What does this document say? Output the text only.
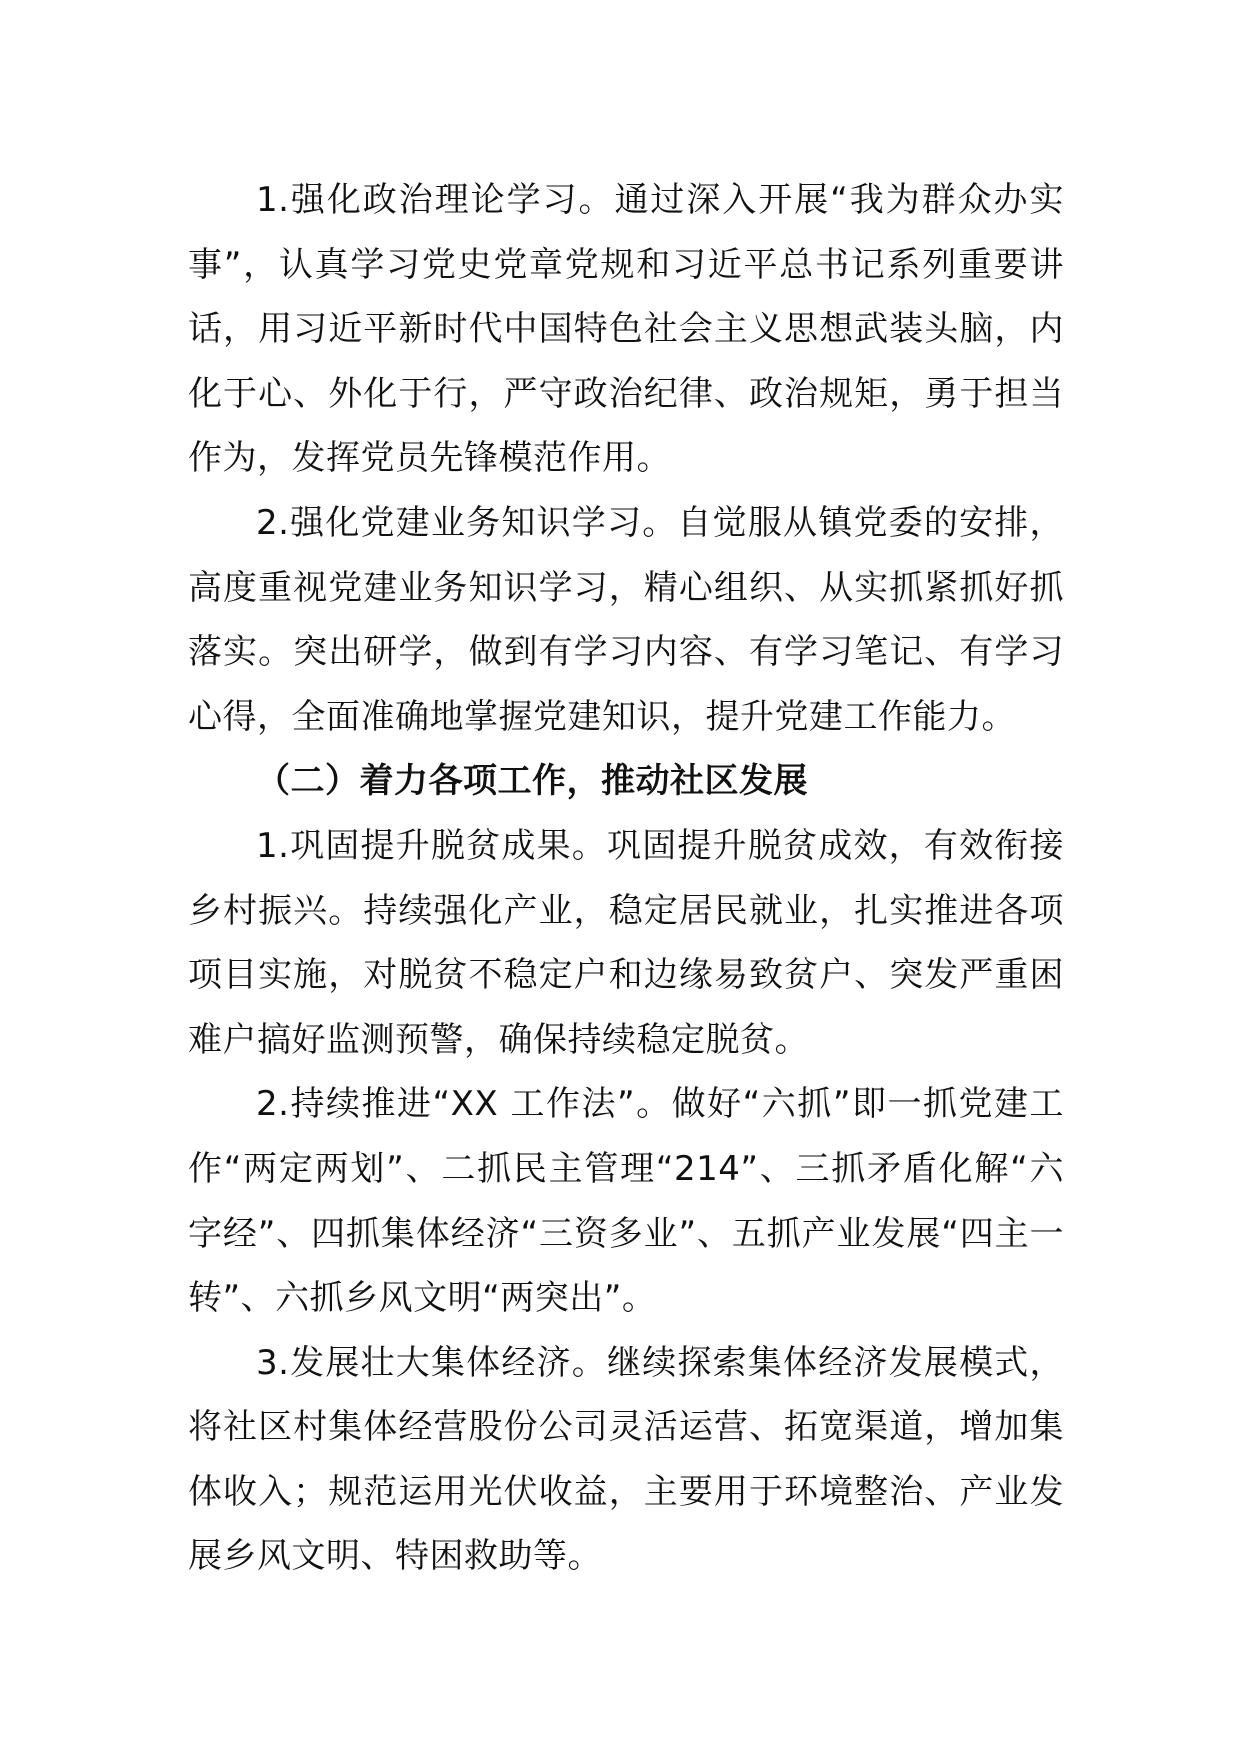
1.强化政治理论学习。通过深入开展“我为群众办实事”，认真学习党史党章党规和习近平总书记系列重要讲话，用习近平新时代中国特色社会主义思想武装头脑，内化于心、外化于行，严守政治纪律、政治规矩，勇于担当作为，发挥党员先锋模范作用。

2.强化党建业务知识学习。自觉服从镇党委的安排，高度重视党建业务知识学习，精心组织、从实抓紧抓好抓落实。突出研学，做到有学习内容、有学习笔记、有学习心得，全面准确地掌握党建知识，提升党建工作能力。

（二）着力各项工作，推动社区发展

1.巩固提升脱贫成果。巩固提升脱贫成效，有效衔接乡村振兴。持续强化产业，稳定居民就业，扎实推进各项项目实施，对脱贫不稳定户和边缘易致贫户、突发严重困难户搞好监测预警，确保持续稳定脱贫。

2.持续推进“XX 工作法”。做好“六抓”即一抓党建工作“两定两划”、二抓民主管理“214”、三抓矛盾化解“六字经”、四抓集体经济“三资多业”、五抓产业发展“四主一转”、六抓乡风文明“两突出”。

3.发展壮大集体经济。继续探索集体经济发展模式，将社区村集体经营股份公司灵活运营、拓宽渠道，增加集体收入；规范运用光伏收益，主要用于环境整治、产业发展乡风文明、特困救助等。
